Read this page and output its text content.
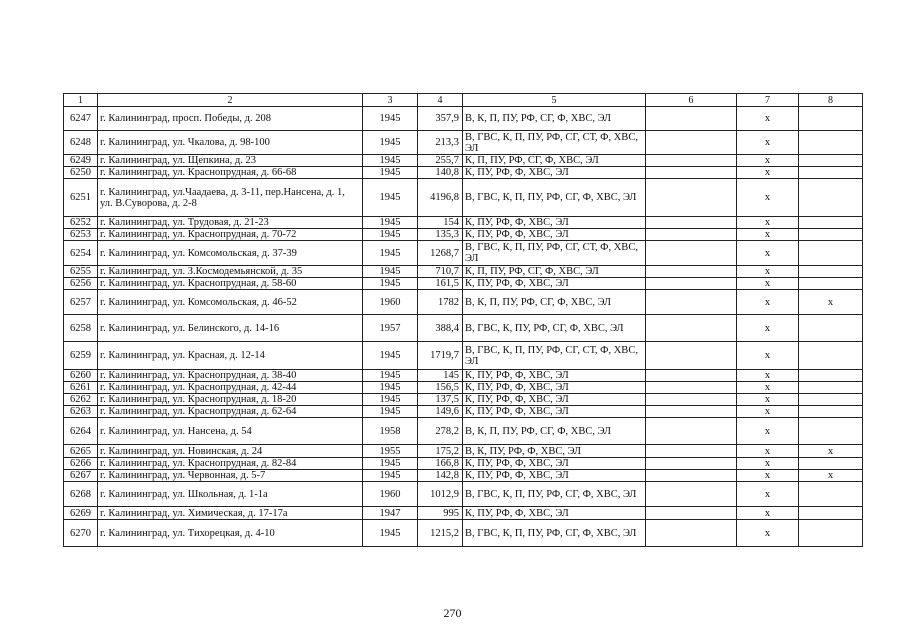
1	2	3	4	5	6	7	8
6247	г. Калининград, просп. Победы, д. 208	1945	357,9	В, К, П, ПУ, РФ, СГ, Ф, ХВС, ЭЛ		х	
6248	г. Калининград, ул. Чкалова, д. 98-100	1945	213,3	В, ГВС, К, П, ПУ, РФ, СГ, СТ, Ф, ХВС, ЭЛ		х	
6249	г. Калининград, ул. Щепкина, д. 23	1945	255,7	К, П, ПУ, РФ, СГ, Ф, ХВС, ЭЛ		х	
6250	г. Калининград, ул. Краснопрудная, д. 66-68	1945	140,8	К, ПУ, РФ, Ф, ХВС, ЭЛ		х	
6251	г. Калининград, ул.Чаадаева, д. 3-11, пер.Нансена, д. 1, ул. В.Суворова, д. 2-8	1945	4196,8	В, ГВС, К, П, ПУ, РФ, СГ, Ф, ХВС, ЭЛ		х	
6252	г. Калининград, ул. Трудовая, д. 21-23	1945	154	К, ПУ, РФ, Ф, ХВС, ЭЛ		х	
6253	г. Калининград, ул. Краснопрудная, д. 70-72	1945	135,3	К, ПУ, РФ, Ф, ХВС, ЭЛ		х	
6254	г. Калининград, ул. Комсомольская, д. 37-39	1945	1268,7	В, ГВС, К, П, ПУ, РФ, СГ, СТ, Ф, ХВС, ЭЛ		х	
6255	г. Калининград, ул. З.Космодемьянской, д. 35	1945	710,7	К, П, ПУ, РФ, СГ, Ф, ХВС, ЭЛ		х	
6256	г. Калининград, ул. Краснопрудная, д. 58-60	1945	161,5	К, ПУ, РФ, Ф, ХВС, ЭЛ		х	
6257	г. Калининград, ул. Комсомольская, д. 46-52	1960	1782	В, К, П, ПУ, РФ, СГ, Ф, ХВС, ЭЛ		х	х
6258	г. Калининград, ул. Белинского, д. 14-16	1957	388,4	В, ГВС, К, ПУ, РФ, СГ, Ф, ХВС, ЭЛ		х	
6259	г. Калининград, ул. Красная, д. 12-14	1945	1719,7	В, ГВС, К, П, ПУ, РФ, СГ, СТ, Ф, ХВС, ЭЛ		х	
6260	г. Калининград, ул. Краснопрудная, д. 38-40	1945	145	К, ПУ, РФ, Ф, ХВС, ЭЛ		х	
6261	г. Калининград, ул. Краснопрудная, д. 42-44	1945	156,5	К, ПУ, РФ, Ф, ХВС, ЭЛ		х	
6262	г. Калининград, ул. Краснопрудная, д. 18-20	1945	137,5	К, ПУ, РФ, Ф, ХВС, ЭЛ		х	
6263	г. Калининград, ул. Краснопрудная, д. 62-64	1945	149,6	К, ПУ, РФ, Ф, ХВС, ЭЛ		х	
6264	г. Калининград, ул. Нансена, д. 54	1958	278,2	В, К, П, ПУ, РФ, СГ, Ф, ХВС, ЭЛ		х	
6265	г. Калининград, ул. Новинская, д. 24	1955	175,2	В, К, ПУ, РФ, Ф, ХВС, ЭЛ		х	х
6266	г. Калининград, ул. Краснопрудная, д. 82-84	1945	166,8	К, ПУ, РФ, Ф, ХВС, ЭЛ		х	
6267	г. Калининград, ул. Червонная, д. 5-7	1945	142,8	К, ПУ, РФ, Ф, ХВС, ЭЛ		х	х
6268	г. Калининград, ул. Школьная, д. 1-1а	1960	1012,9	В, ГВС, К, П, ПУ, РФ, СГ, Ф, ХВС, ЭЛ		х	
6269	г. Калининград, ул. Химическая, д. 17-17а	1947	995	К, ПУ, РФ, Ф, ХВС, ЭЛ		х	
6270	г. Калининград, ул. Тихорецкая, д. 4-10	1945	1215,2	В, ГВС, К, П, ПУ, РФ, СГ, Ф, ХВС, ЭЛ		х	
270
